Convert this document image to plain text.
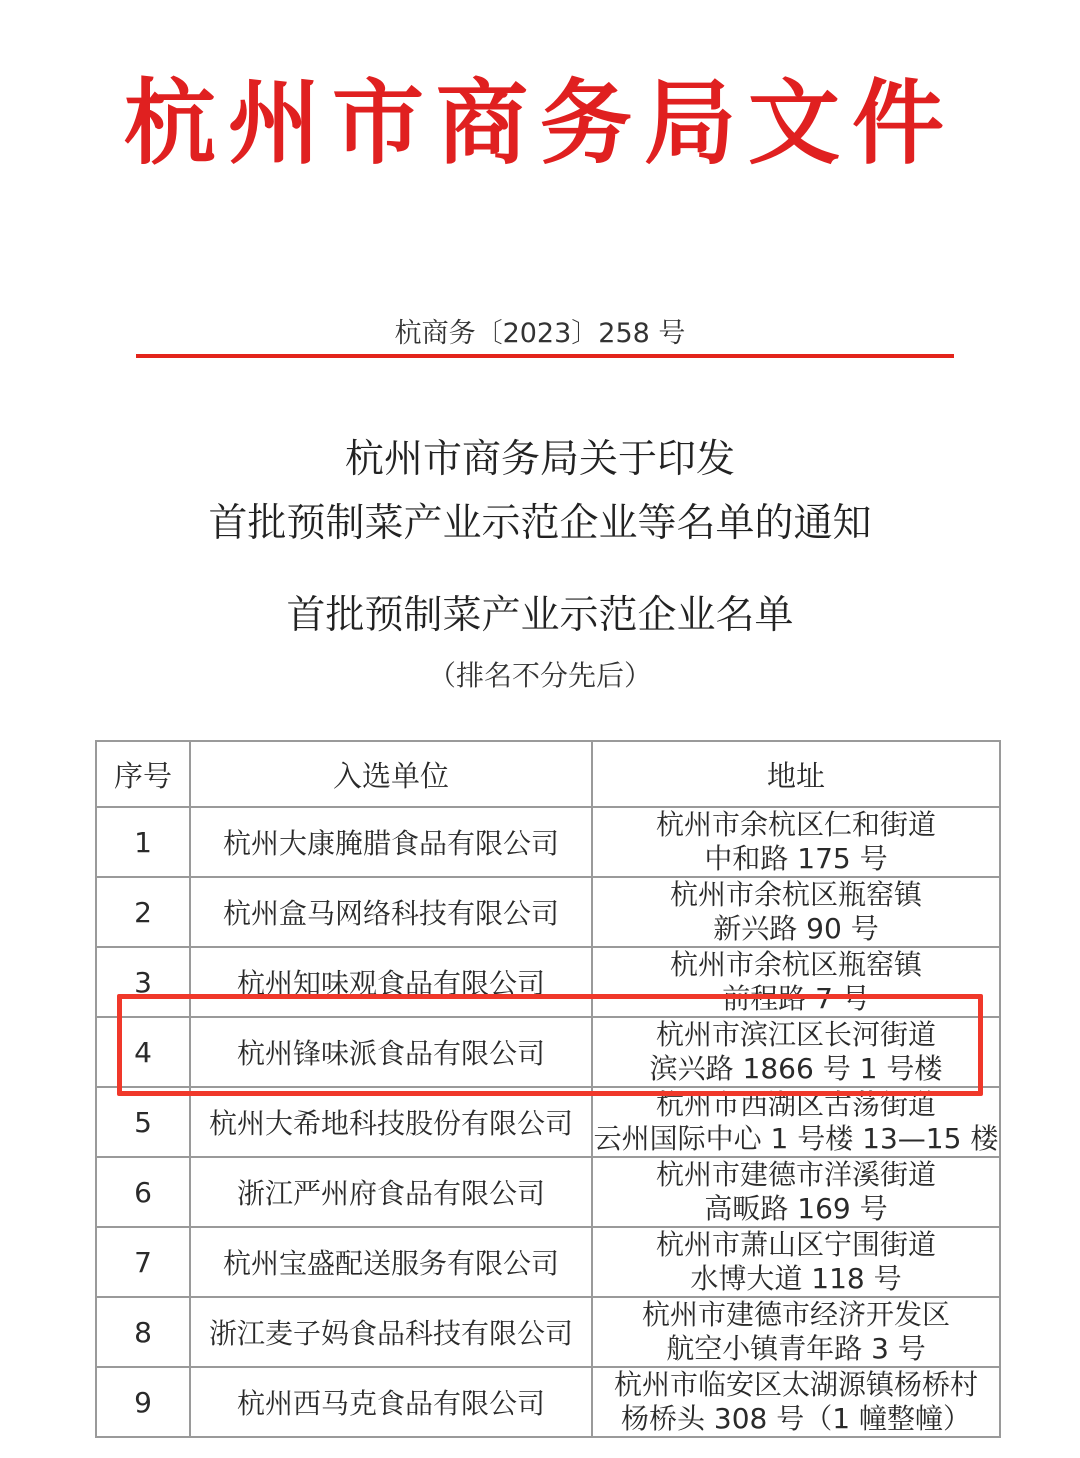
杭州市商务局文件
杭商务〔2023〕258 号
杭州市商务局关于印发
首批预制菜产业示范企业等名单的通知
首批预制菜产业示范企业名单
（排名不分先后）
序号	入选单位	地址
1	杭州大康腌腊食品有限公司	杭州市余杭区仁和街道
中和路 175 号

2	杭州盒马网络科技有限公司	杭州市余杭区瓶窑镇
新兴路 90 号

3	杭州知味观食品有限公司	杭州市余杭区瓶窑镇
前程路 7 号

4	杭州锋味派食品有限公司	杭州市滨江区长河街道
滨兴路 1866 号 1 号楼

5	杭州大希地科技股份有限公司	杭州市西湖区古荡街道
云州国际中心 1 号楼 13—15 楼

6	浙江严州府食品有限公司	杭州市建德市洋溪街道
高畈路 169 号

7	杭州宝盛配送服务有限公司	杭州市萧山区宁围街道
水博大道 118 号

8	浙江麦子妈食品科技有限公司	杭州市建德市经济开发区
航空小镇青年路 3 号

9	杭州西马克食品有限公司	杭州市临安区太湖源镇杨桥村
杨桥头 308 号（1 幢整幢）
